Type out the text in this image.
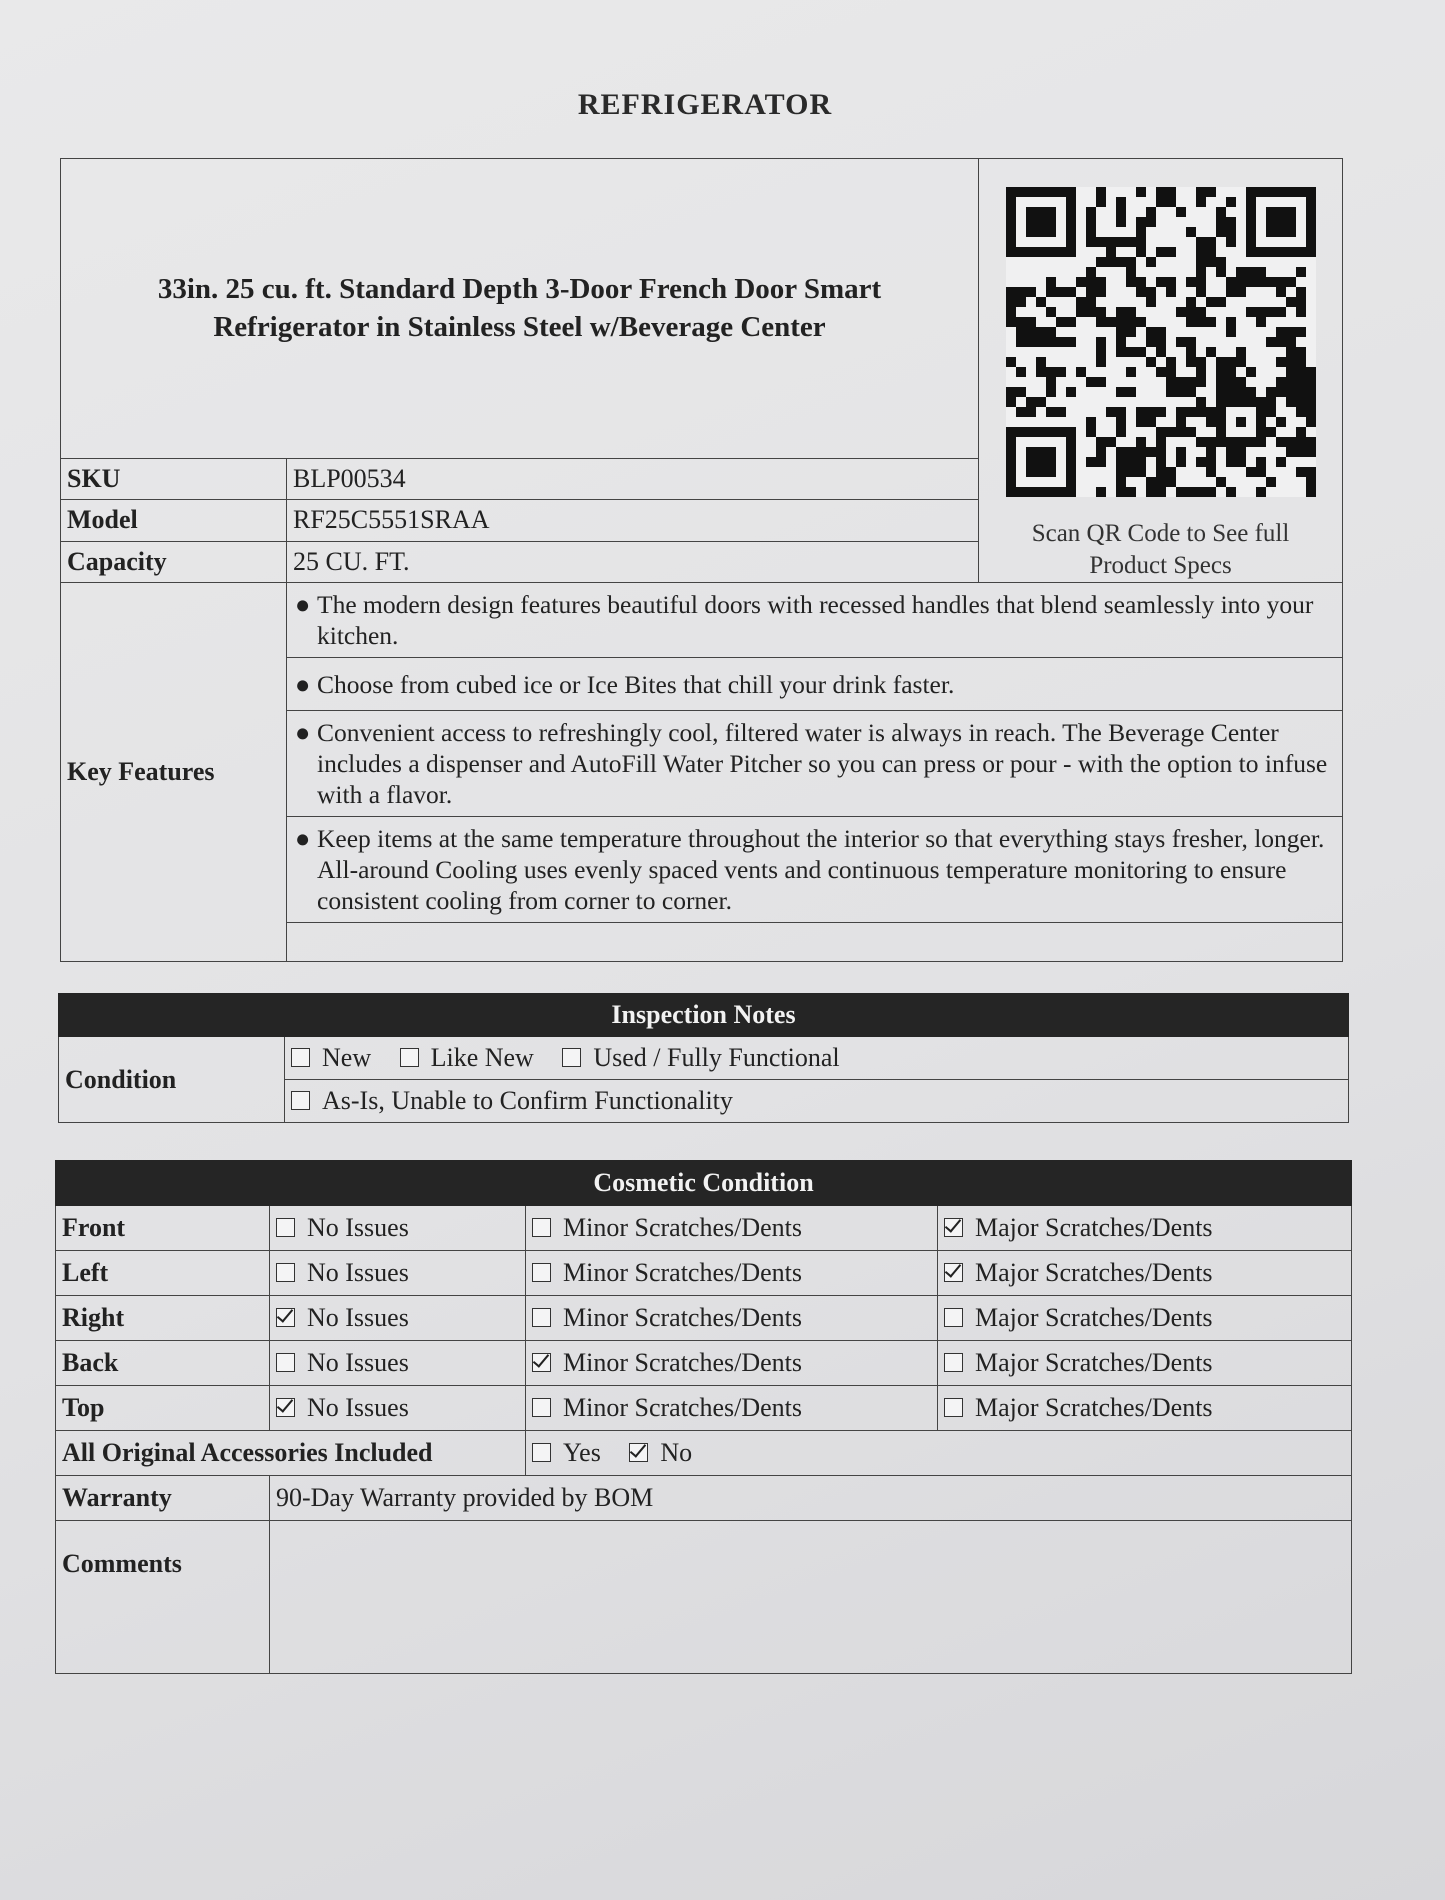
REFRIGERATOR
33in. 25 cu. ft. Standard Depth 3-Door French Door Smart
Refrigerator in Stainless Steel w/Beverage Center		Scan QR Code to See full
Product Specs

SKU	BLP00534	
Model	RF25C5551SRAA	
Capacity	25 CU. FT.	
Key Features	● The modern design features beautiful doors with recessed handles that blend seamlessly into your kitchen.	
	● Choose from cubed ice or Ice Bites that chill your drink faster.	
	● Convenient access to refreshingly cool, filtered water is always in reach. The Beverage Center includes a dispenser and AutoFill Water Pitcher so you can press or pour - with the option to infuse with a flavor.	
	● Keep items at the same temperature throughout the interior so that everything stays fresher, longer. All-around Cooling uses evenly spaced vents and continuous temperature monitoring to ensure consistent cooling from corner to corner.	

Inspection Notes
Condition	New Like New Used / Fully Functional
As-Is, Unable to Confirm Functionality
Cosmetic Condition			
Front	No Issues	Minor Scratches/Dents	Major Scratches/Dents
Left	No Issues	Minor Scratches/Dents	Major Scratches/Dents
Right	No Issues	Minor Scratches/Dents	Major Scratches/Dents
Back	No Issues	Minor Scratches/Dents	Major Scratches/Dents
Top	No Issues	Minor Scratches/Dents	Major Scratches/Dents
All Original Accessories Included		Yes No	
Warranty	90-Day Warranty provided by BOM		
Comments			
